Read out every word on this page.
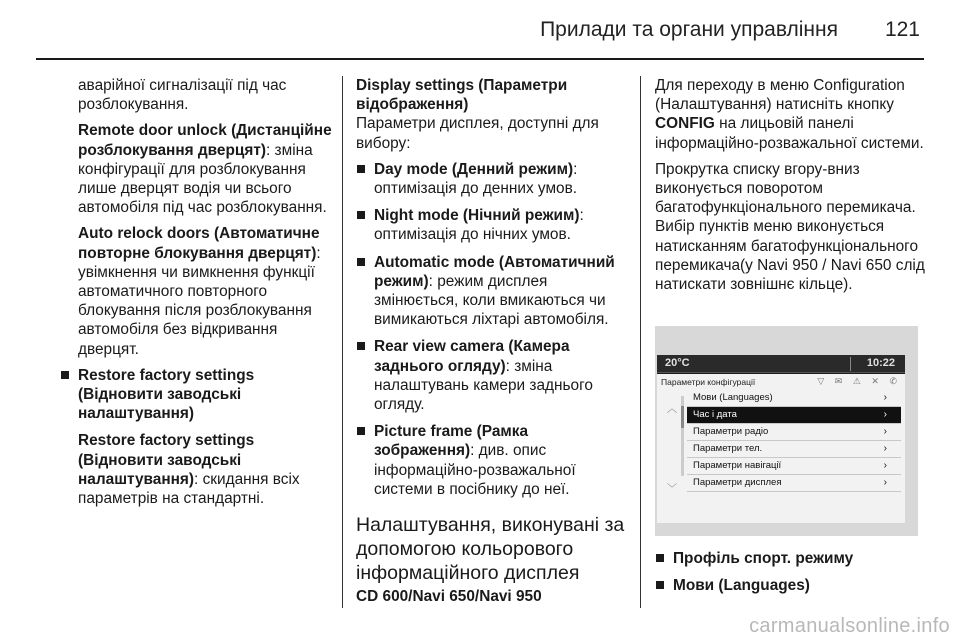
Прилади та органи управління 121

аварійної сигналізації під час розблокування.

Remote door unlock (Дистанційне розблокування дверцят): зміна конфігурації для розблокування лише дверцят водія чи всього автомобіля під час розблокування.

Auto relock doors (Автоматичне повторне блокування дверцят): увімкнення чи вимкнення функції автоматичного повторного блокування після розблокування автомобіля без відкривання дверцят.

Restore factory settings (Відновити заводські налаштування)

Restore factory settings (Відновити заводські налаштування): скидання всіх параметрів на стандартні.

Display settings (Параметри відображення)

Параметри дисплея, доступні для вибору:

Day mode (Денний режим): оптимізація до денних умов.
Night mode (Нічний режим): оптимізація до нічних умов.
Automatic mode (Автоматичний режим): режим дисплея змінюється, коли вмикаються чи вимикаються ліхтарі автомобіля.
Rear view camera (Камера заднього огляду): зміна налаштувань камери заднього огляду.
Picture frame (Рамка зображення): див. опис інформаційно-розважальної системи в посібнику до неї.
Налаштування, виконувані за допомогою кольорового інформаційного дисплея
CD 600/Navi 650/Navi 950

Для переходу в меню Configuration (Налаштування) натисніть кнопку CONFIG на лицьовій панелі інформаційно-розважальної системи.

Прокрутка списку вгору-вниз виконується поворотом багатофункціонального перемикача. Вибір пунктів меню виконується натисканням багатофункціонального перемикача(у Navi 950 / Navi 650 слід натискати зовнішнє кільце).

20°C	10:22
Параметри конфігурації	▽ ✉ ⚠ ✕ ✆
︿
﹀
Мови (Languages)	›
Час і дата	›
Параметри радіо	›
Параметри тел.	›
Параметри навігації	›
Параметри дисплея	›
Профіль спорт. режиму
Мови (Languages)
carmanualsonline.info
